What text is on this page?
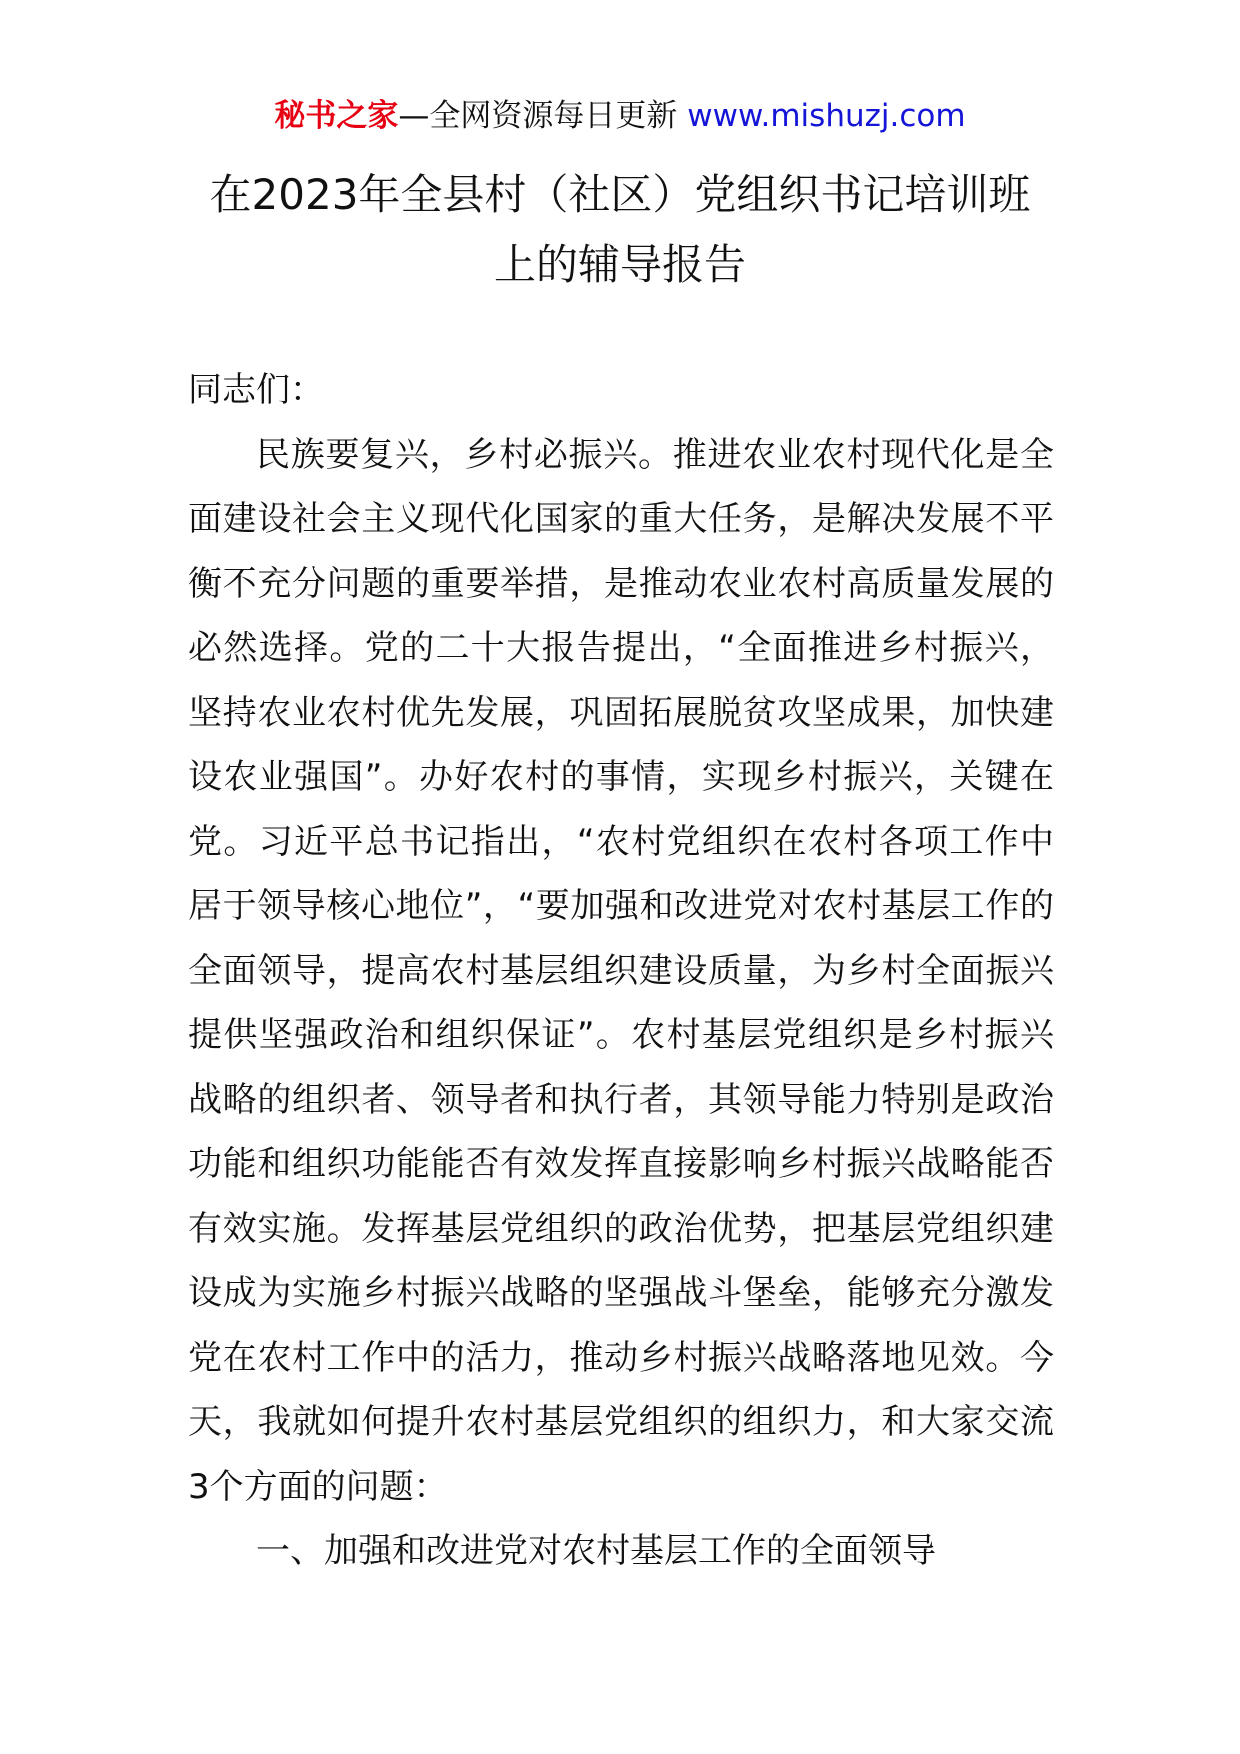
秘书之家—全网资源每日更新 www.mishuzj.com
在2023年全县村（社区）党组织书记培训班上的辅导报告

同志们：

民族要复兴，乡村必振兴。推进农业农村现代化是全面建设社会主义现代化国家的重大任务，是解决发展不平衡不充分问题的重要举措，是推动农业农村高质量发展的必然选择。党的二十大报告提出，“全面推进乡村振兴，坚持农业农村优先发展，巩固拓展脱贫攻坚成果，加快建设农业强国”。办好农村的事情，实现乡村振兴，关键在党。习近平总书记指出，“农村党组织在农村各项工作中居于领导核心地位”，“要加强和改进党对农村基层工作的全面领导，提高农村基层组织建设质量，为乡村全面振兴提供坚强政治和组织保证”。农村基层党组织是乡村振兴战略的组织者、领导者和执行者，其领导能力特别是政治功能和组织功能能否有效发挥直接影响乡村振兴战略能否有效实施。发挥基层党组织的政治优势，把基层党组织建设成为实施乡村振兴战略的坚强战斗堡垒，能够充分激发党在农村工作中的活力，推动乡村振兴战略落地见效。今天，我就如何提升农村基层党组织的组织力，和大家交流3个方面的问题：

一、加强和改进党对农村基层工作的全面领导
